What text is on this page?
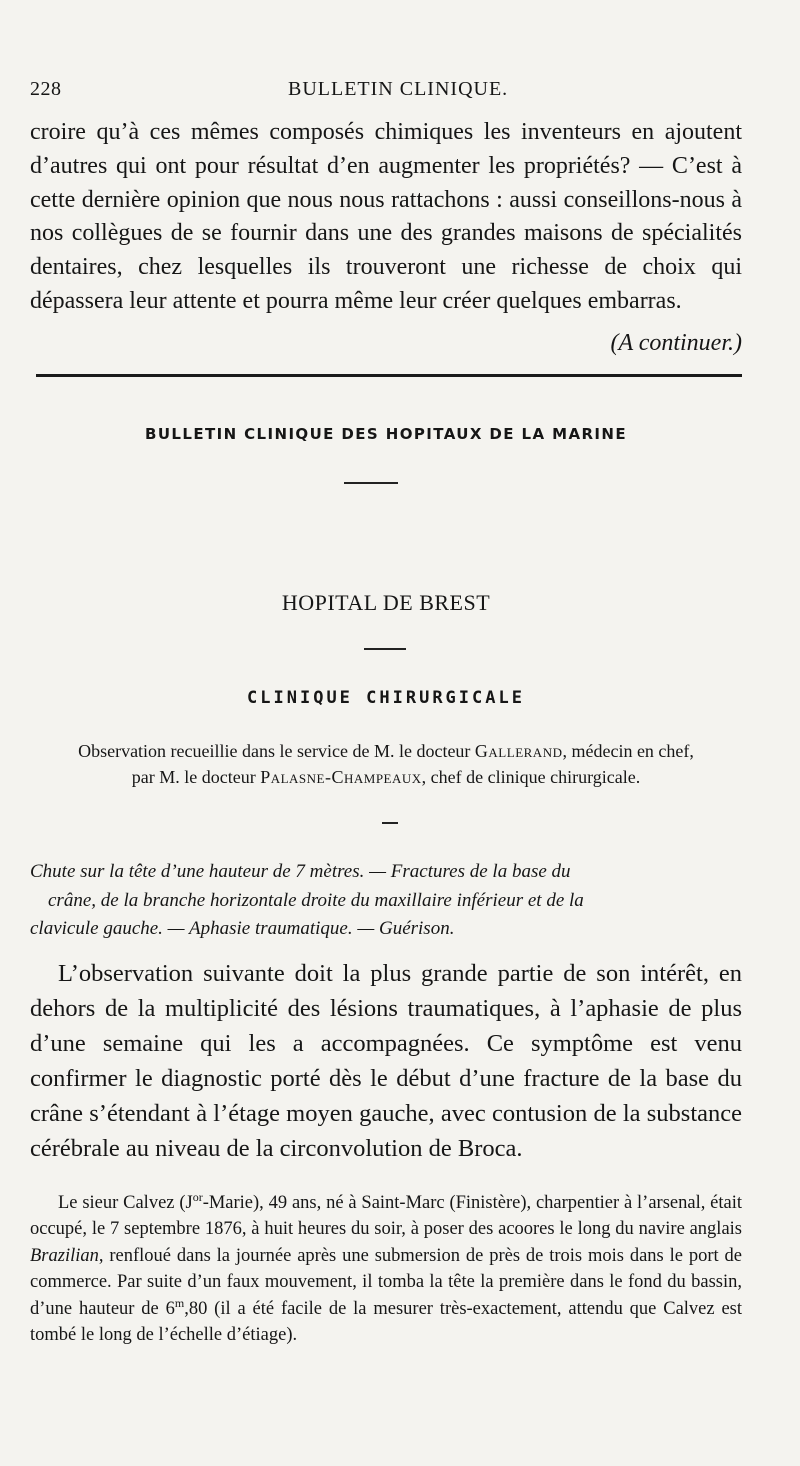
228	BULLETIN CLINIQUE.
croire qu’à ces mêmes composés chimiques les inventeurs en ajoutent d’autres qui ont pour résultat d’en augmenter les propriétés? — C’est à cette dernière opinion que nous nous rattachons : aussi conseillons-nous à nos collègues de se fournir dans une des grandes maisons de spécialités dentaires, chez lesquelles ils trouveront une richesse de choix qui dépassera leur attente et pourra même leur créer quelques embarras.
(A continuer.)
BULLETIN CLINIQUE DES HOPITAUX DE LA MARINE
HOPITAL DE BREST
CLINIQUE CHIRURGICALE
Observation recueillie dans le service de M. le docteur Gallerand, médecin en chef,
par M. le docteur Palasne-Champeaux, chef de clinique chirurgicale.
Chute sur la tête d’une hauteur de 7 mètres. — Fractures de la base du
crâne, de la branche horizontale droite du maxillaire inférieur et de la
clavicule gauche. — Aphasie traumatique. — Guérison.
L’observation suivante doit la plus grande partie de son intérêt, en dehors de la multiplicité des lésions traumatiques, à l’aphasie de plus d’une semaine qui les a accompagnées. Ce symptôme est venu confirmer le diagnostic porté dès le début d’une fracture de la base du crâne s’étendant à l’étage moyen gauche, avec contusion de la substance cérébrale au niveau de la circonvolution de Broca.
Le sieur Calvez $(J^{or}-Marie)$, 49 ans, né à Saint-Marc (Finistère), charpentier à l’arsenal, était occupé, le 7 septembre 1876, à huit heures du soir, à poser des acoores le long du navire anglais Brazilian, renfloué dans la journée après une submersion de près de trois mois dans le port de commerce. Par suite d’un faux mouvement, il tomba la tête la première dans le fond du bassin, d’une hauteur de 6$^m$,80 (il a été facile de la mesurer très-exactement, attendu que Calvez est tombé le long de l’échelle d’étiage).
